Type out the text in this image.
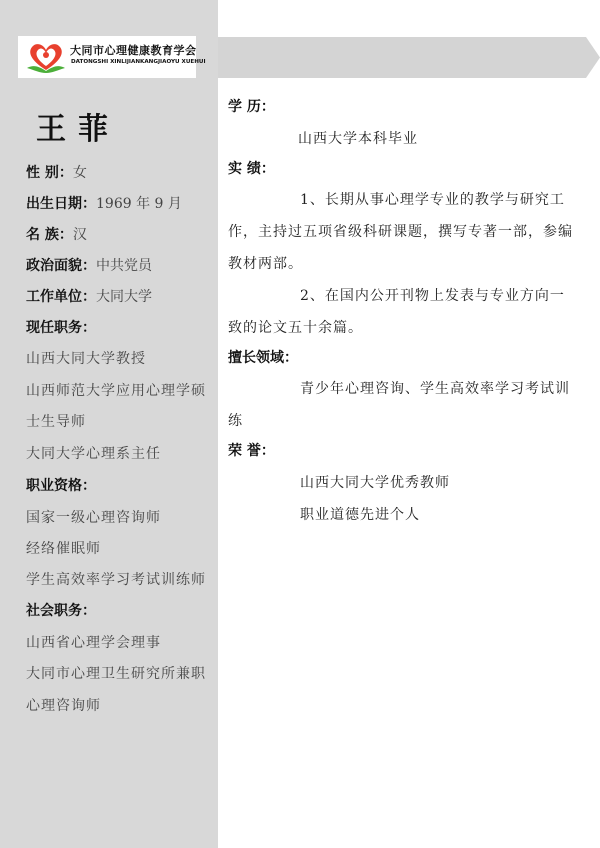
大同市心理健康教育学会
DATONGSHI XINLIJIANKANGJIAOYU XUEHUI
王菲
性 别：女
出生日期：1969 年 9 月
名 族：汉
政治面貌：中共党员
工作单位：大同大学
现任职务：
山西大同大学教授
山西师范大学应用心理学硕
士生导师
大同大学心理系主任
职业资格：
国家一级心理咨询师
经络催眠师
学生高效率学习考试训练师
社会职务：
山西省心理学会理事
大同市心理卫生研究所兼职
心理咨询师
学 历：
山西大学本科毕业
实 绩：
1、长期从事心理学专业的教学与研究工
作，主持过五项省级科研课题，撰写专著一部，参编
教材两部。
2、在国内公开刊物上发表与专业方向一
致的论文五十余篇。
擅长领域：
青少年心理咨询、学生高效率学习考试训
练
荣 誉：
山西大同大学优秀教师
职业道德先进个人
